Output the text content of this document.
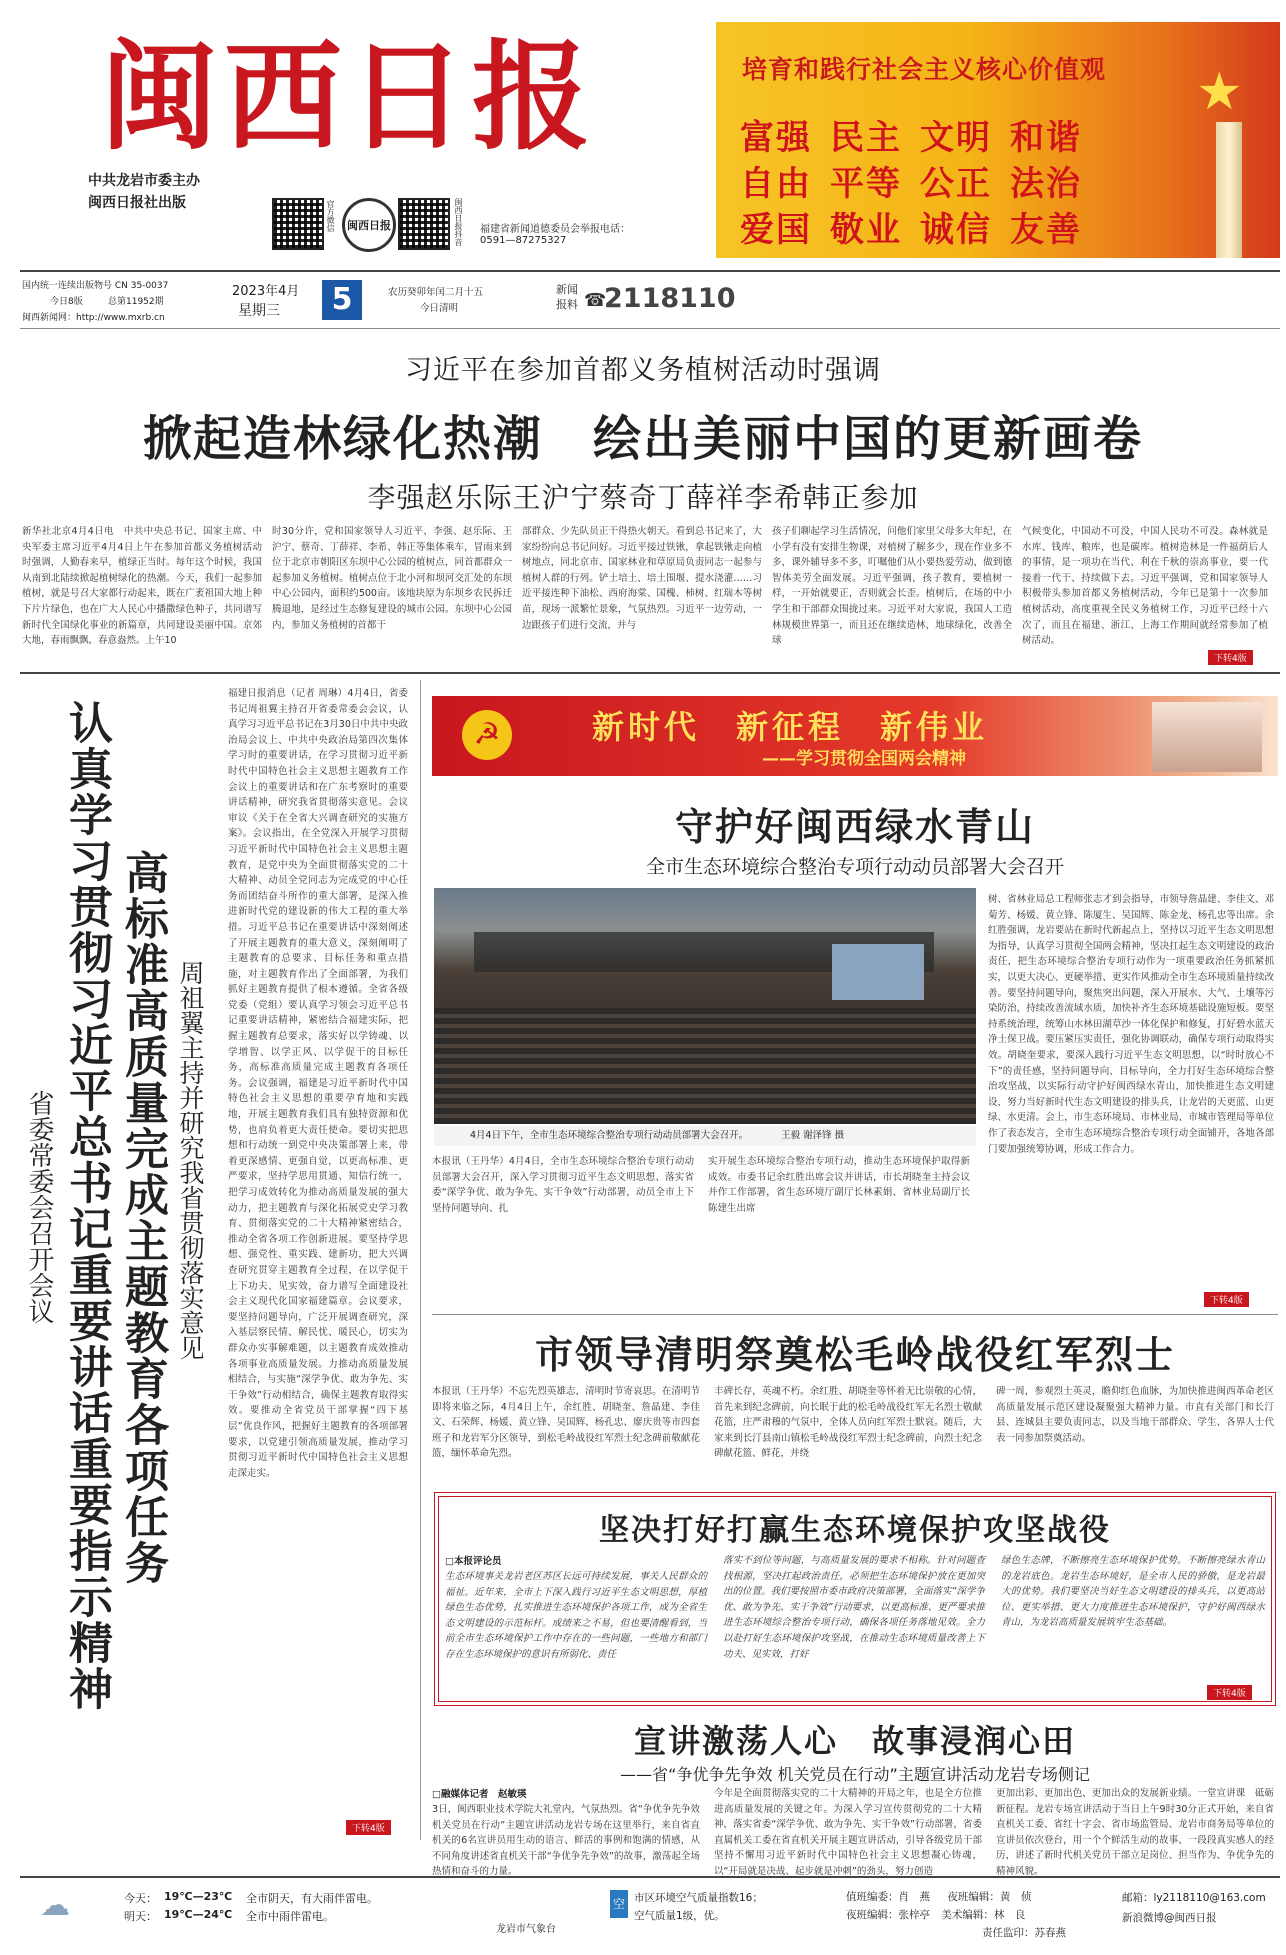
闽西日报
中共龙岩市委主办
闽西日报社出版	官方微信 闽西日报	闽西日报抖音 福建省新闻道德委员会举报电话：
0591—87275327
★
培育和践行社会主义核心价值观
富强 民主 文明 和谐
自由 平等 公正 法治
爱国 敬业 诚信 友善
国内统一连续出版物号 CN 35-0037
今日8版	总第11952期
闽西新闻网：http://www.mxrb.cn
2023年4月
星期三	5	农历癸卯年闰二月十五
今日清明
新闻报料 ☎
2118110
习近平在参加首都义务植树活动时强调
掀起造林绿化热潮　绘出美丽中国的更新画卷
李强赵乐际王沪宁蔡奇丁薛祥李希韩正参加
新华社北京4月4日电　中共中央总书记、国家主席、中央军委主席习近平4月4日上午在参加首都义务植树活动时强调，人勤春来早，植绿正当时。每年这个时候，我国从南到北陆续掀起植树绿化的热潮。今天，我们一起参加植树，就是号召大家都行动起来，既在广袤祖国大地上种下片片绿色，也在广大人民心中播撒绿色种子，共同谱写新时代全国绿化事业的新篇章，共同建设美丽中国。京郊大地，春雨飘飘，春意盎然。上午10
时30分许，党和国家领导人习近平、李强、赵乐际、王沪宁、蔡奇、丁薛祥、李希、韩正等集体乘车，冒雨来到位于北京市朝阳区东坝中心公园的植树点，同首都群众一起参加义务植树。植树点位于北小河和坝河交汇处的东坝中心公园内，面积约500亩。该地块原为东坝乡农民拆迁腾退地，是经过生态修复建设的城市公园。东坝中心公园内，参加义务植树的首都干
部群众、少先队员正干得热火朝天。看到总书记来了，大家纷纷向总书记问好。习近平接过铁锹，拿起铁锹走向植树地点，同北京市、国家林业和草原局负责同志一起参与植树人群的行列。铲土培土、培土围堰、提水浇灌……习近平接连种下油松、西府海棠、国槐、柿树、红瑞木等树苗，现场一派繁忙景象，气氛热烈。习近平一边劳动，一边跟孩子们进行交流，并与
孩子们聊起学习生活情况，问他们家里父母多大年纪，在小学有没有安排生物课，对植树了解多少，现在作业多不多，课外辅导多不多，叮嘱他们从小要热爱劳动，做到德智体美劳全面发展。习近平强调，孩子教育，要植树一样，一开始就要正，否则就会长歪。植树后，在场的中小学生和干部群众围拢过来。习近平对大家说，我国人工造林规模世界第一，而且还在继续造林，地球绿化，改善全球
气候变化，中国动不可没，中国人民功不可没。森林就是水库、钱库、粮库，也是碳库。植树造林是一件福荫后人的事情，是一项功在当代、利在千秋的崇高事业，要一代接着一代干、持续做下去。习近平强调，党和国家领导人积极带头参加首都义务植树活动，今年已是第十一次参加植树活动，高度重视全民义务植树工作，习近平已经十六次了，而且在福建、浙江、上海工作期间就经常参加了植树活动。
下转4版
省委常委会召开会议 认真学习贯彻习近平总书记重要讲话重要指示精神 高标准高质量完成主题教育各项任务 周祖翼主持并研究我省贯彻落实意见
福建日报消息（记者 周琳）4月4日，省委书记周祖翼主持召开省委常委会会议，认真学习习近平总书记在3月30日中共中央政治局会议上、中共中央政治局第四次集体学习时的重要讲话，在学习贯彻习近平新时代中国特色社会主义思想主题教育工作会议上的重要讲话和在广东考察时的重要讲话精神，研究我省贯彻落实意见。会议审议《关于在全省大兴调查研究的实施方案》。会议指出，在全党深入开展学习贯彻习近平新时代中国特色社会主义思想主题教育，是党中央为全面贯彻落实党的二十大精神、动员全党同志为完成党的中心任务而团结奋斗所作的重大部署，是深入推进新时代党的建设新的伟大工程的重大举措。习近平总书记在重要讲话中深刻阐述了开展主题教育的重大意义，深刻阐明了主题教育的总要求、目标任务和重点措施，对主题教育作出了全面部署，为我们抓好主题教育提供了根本遵循。全省各级党委（党组）要认真学习领会习近平总书记重要讲话精神，紧密结合福建实际，把握主题教育总要求，落实好以学铸魂、以学增智、以学正风、以学促干的目标任务，高标准高质量完成主题教育各项任务。会议强调，福建是习近平新时代中国特色社会主义思想的重要孕育地和实践地，开展主题教育我们具有独特资源和优势，也肩负着更大责任使命。要切实把思想和行动统一到党中央决策部署上来，带着更深感情、更强自觉，以更高标准、更严要求，坚持学思用贯通、知信行统一，把学习成效转化为推动高质量发展的强大动力，把主题教育与深化拓展党史学习教育、贯彻落实党的二十大精神紧密结合，推动全省各项工作创新进展。要坚持学思想、强党性、重实践、建新功，把大兴调查研究贯穿主题教育全过程，在以学促干上下功夫、见实效，奋力谱写全面建设社会主义现代化国家福建篇章。会议要求，要坚持问题导向，广泛开展调查研究，深入基层察民情、解民忧、暖民心，切实为群众办实事解难题，以主题教育成效推动各项事业高质量发展。力推动高质量发展相结合，与实施“深学争优、敢为争先、实干争效”行动相结合，确保主题教育取得实效。要推动全省党员干部掌握“四下基层”优良作风，把握好主题教育的各项部署要求，以党建引领高质量发展，推动学习贯彻习近平新时代中国特色社会主义思想走深走实。
下转4版
☭	新时代　新征程　新伟业
——学习贯彻全国两会精神
守护好闽西绿水青山
全市生态环境综合整治专项行动动员部署大会召开
4月4日下午，全市生态环境综合整治专项行动动员部署大会召开。	王毅 谢泽锋 摄
树、省林业局总工程师张志才到会指导，市领导詹晶建、李佳文、邓菊芳、杨媛、黄立锋、陈厦生、吴国辉、陈金龙、杨孔忠等出席。余红胜强调，龙岩要站在新时代新起点上，坚持以习近平生态文明思想为指导，认真学习贯彻全国两会精神，坚决扛起生态文明建设的政治责任，把生态环境综合整治专项行动作为一项重要政治任务抓紧抓实，以更大决心、更硬举措、更实作风推动全市生态环境质量持续改善。要坚持问题导向，聚焦突出问题，深入开展水、大气、土壤等污染防治，持续改善流域水质，加快补齐生态环境基础设施短板。要坚持系统治理，统筹山水林田湖草沙一体化保护和修复，打好碧水蓝天净土保卫战。要压紧压实责任，强化协调联动，确保专项行动取得实效。胡晓奎要求，要深入践行习近平生态文明思想，以“时时放心不下”的责任感，坚持问题导向、目标导向，全力打好生态环境综合整治攻坚战，以实际行动守护好闽西绿水青山，加快推进生态文明建设，努力当好新时代生态文明建设的排头兵，让龙岩的天更蓝、山更绿、水更清。会上，市生态环境局、市林业局、市城市管理局等单位作了表态发言，全市生态环境综合整治专项行动全面铺开，各地各部门要加强统筹协调，形成工作合力。
本报讯（王丹华）4月4日，全市生态环境综合整治专项行动动员部署大会召开，深入学习贯彻习近平生态文明思想、落实省委“深学争优、敢为争先、实干争效”行动部署，动员全市上下坚持问题导向、扎
实开展生态环境综合整治专项行动，推动生态环境保护取得新成效。市委书记余红胜出席会议并讲话，市长胡晓奎主持会议并作工作部署，省生态环境厅副厅长林素娟、省林业局副厅长陈建生出席
下转4版
市领导清明祭奠松毛岭战役红军烈士
本报讯（王丹华）不忘先烈英雄志，清明时节寄哀思。在清明节即将来临之际，4月4日上午，余红胜、胡晓奎、詹晶建、李佳文、石荣辉、杨媛、黄立锋、吴国辉、杨孔忠、廖庆贵等市四套班子和龙岩军分区领导，到松毛岭战役红军烈士纪念碑前敬献花篮，缅怀革命先烈。
丰碑长存，英魂不朽。余红胜、胡晓奎等怀着无比崇敬的心情，首先来到纪念碑前，向长眠于此的松毛岭战役红军无名烈士敬献花篮，庄严肃穆的气氛中，全体人员向红军烈士默哀。随后，大家来到长汀县南山镇松毛岭战役红军烈士纪念碑前，向烈士纪念碑献花篮、鲜花，并绕
碑一周，参观烈士英灵，瞻仰红色血脉，为加快推进闽西革命老区高质量发展示范区建设凝聚强大精神力量。市直有关部门和长汀县、连城县主要负责同志，以及当地干部群众、学生、各界人士代表一同参加祭奠活动。
坚决打好打赢生态环境保护攻坚战役
□本报评论员
生态环境事关龙岩老区苏区长远可持续发展，事关人民群众的福祉。近年来，全市上下深入践行习近平生态文明思想，厚植绿色生态优势，扎实推进生态环境保护各项工作，成为全省生态文明建设的示范标杆。成绩来之不易，但也要清醒看到，当前全市生态环境保护工作中存在的一些问题，一些地方和部门存在生态环境保护的意识有所弱化、责任
落实不到位等问题，与高质量发展的要求不相称。针对问题查找根源，坚决扛起政治责任，必须把生态环境保护放在更加突出的位置。我们要按照市委市政府决策部署，全面落实“深学争优、敢为争先、实干争效”行动要求，以更高标准、更严要求推进生态环境综合整治专项行动，确保各项任务落地见效。全力以赴打好生态环境保护攻坚战，在推动生态环境质量改善上下功夫、见实效，打好
绿色生态牌，不断擦亮生态环境保护优势。不断擦亮绿水青山的龙岩底色。龙岩生态环境好，是全市人民的骄傲，是龙岩最大的优势。我们要坚决当好生态文明建设的排头兵，以更高站位、更实举措、更大力度推进生态环境保护，守护好闽西绿水青山，为龙岩高质量发展筑牢生态基础。
下转4版
宣讲激荡人心　故事浸润心田
——省“争优争先争效 机关党员在行动”主题宣讲活动龙岩专场侧记
□融媒体记者　赵敏瑛
3日，闽西职业技术学院大礼堂内，气氛热烈。省“争优争先争效 机关党员在行动”主题宣讲活动龙岩专场在这里举行，来自省直机关的6名宣讲员用生动的语言、鲜活的事例和饱满的情感，从不同角度讲述省直机关干部“争优争先争效”的故事，激荡起全场热情和奋斗的力量。
今年是全面贯彻落实党的二十大精神的开局之年，也是全方位推进高质量发展的关键之年。为深入学习宣传贯彻党的二十大精神，落实省委“深学争优、敢为争先、实干争效”行动部署，省委直属机关工委在省直机关开展主题宣讲活动，引导各级党员干部坚持不懈用习近平新时代中国特色社会主义思想凝心铸魂，以“开局就是决战、起步就是冲刺”的劲头，努力创造
更加出彩、更加出色、更加出众的发展新业绩。一堂宣讲课　砥砺新征程。龙岩专场宣讲活动于当日上午9时30分正式开始，来自省直机关工委、省红十字会、省市场监管局、龙岩市商务局等单位的宣讲员依次登台，用一个个鲜活生动的故事、一段段真实感人的经历，讲述了新时代机关党员干部立足岗位、担当作为、争优争先的精神风貌。
☁	今天： 19℃—23℃ 全市阴天，有大雨伴雷电。
明天： 19℃—24℃ 全市中雨伴雷电。
龙岩市气象台
空 市区环境空气质量指数16；
空气质量1级，优。
值班编委：肖　燕 夜班编辑：黄　侦
夜班编辑：张梓亭 美术编辑：林　良
责任监印：苏春燕
邮箱：ly2118110@163.com
新浪微博@闽西日报
